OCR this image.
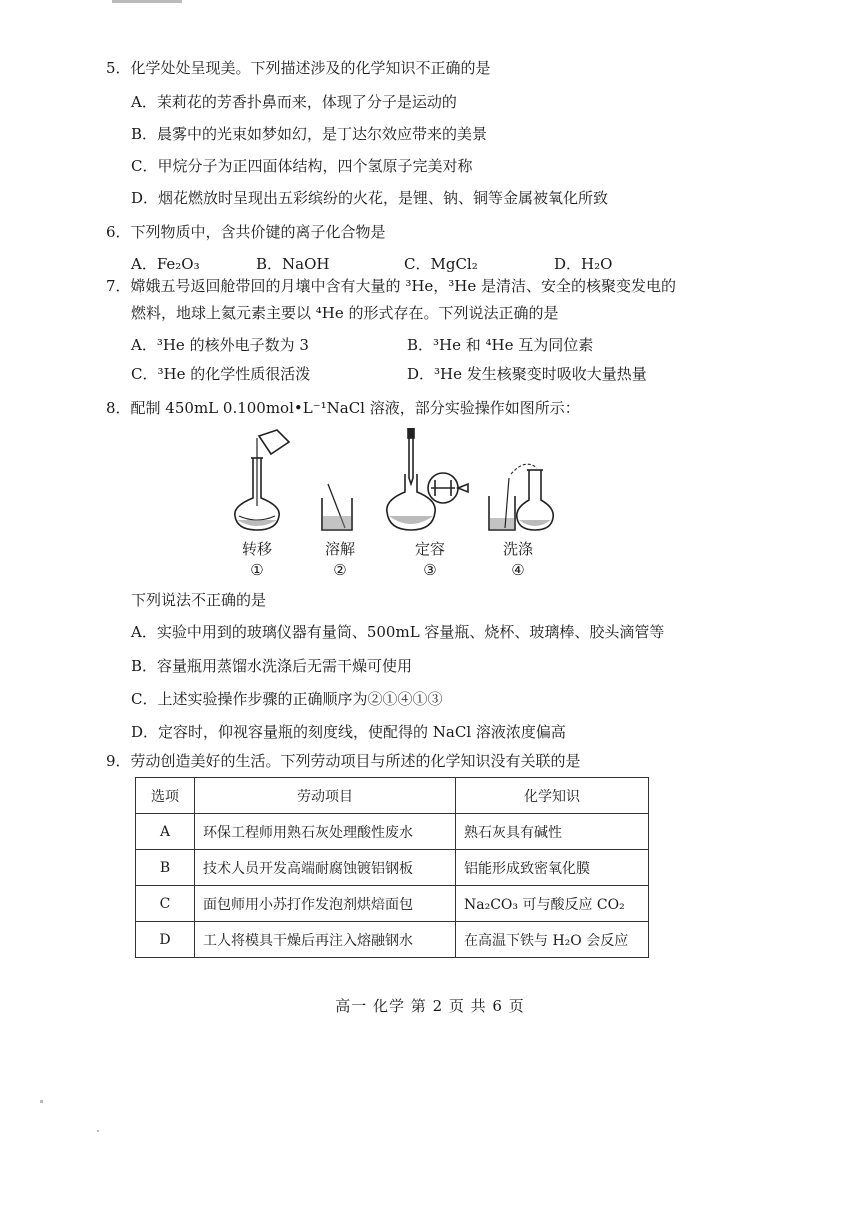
5．化学处处呈现美。下列描述涉及的化学知识不正确的是
A．茉莉花的芳香扑鼻而来，体现了分子是运动的
B．晨雾中的光束如梦如幻，是丁达尔效应带来的美景
C．甲烷分子为正四面体结构，四个氢原子完美对称
D．烟花燃放时呈现出五彩缤纷的火花，是锂、钠、铜等金属被氧化所致
6．下列物质中，含共价键的离子化合物是
A．Fe₂O₃	B．NaOH	C．MgCl₂	D．H₂O
7．嫦娥五号返回舱带回的月壤中含有大量的 ³He，³He 是清洁、安全的核聚变发电的
燃料，地球上氦元素主要以 ⁴He 的形式存在。下列说法正确的是
A．³He 的核外电子数为 3	B．³He 和 ⁴He 互为同位素
C．³He 的化学性质很活泼	D．³He 发生核聚变时吸收大量热量
8．配制 450mL 0.100mol•L⁻¹NaCl 溶液，部分实验操作如图所示：
转移
①
溶解
②
定容
③
洗涤
④
下列说法不正确的是
A．实验中用到的玻璃仪器有量筒、500mL 容量瓶、烧杯、玻璃棒、胶头滴管等
B．容量瓶用蒸馏水洗涤后无需干燥可使用
C．上述实验操作步骤的正确顺序为②①④①③
D．定容时，仰视容量瓶的刻度线，使配得的 NaCl 溶液浓度偏高
9．劳动创造美好的生活。下列劳动项目与所述的化学知识没有关联的是
选项	劳动项目	化学知识
A	环保工程师用熟石灰处理酸性废水	熟石灰具有碱性
B	技术人员开发高端耐腐蚀镀铝钢板	铝能形成致密氧化膜
C	面包师用小苏打作发泡剂烘焙面包	Na₂CO₃ 可与酸反应 CO₂
D	工人将模具干燥后再注入熔融钢水	在高温下铁与 H₂O 会反应
高一 化学 第 2 页 共 6 页
